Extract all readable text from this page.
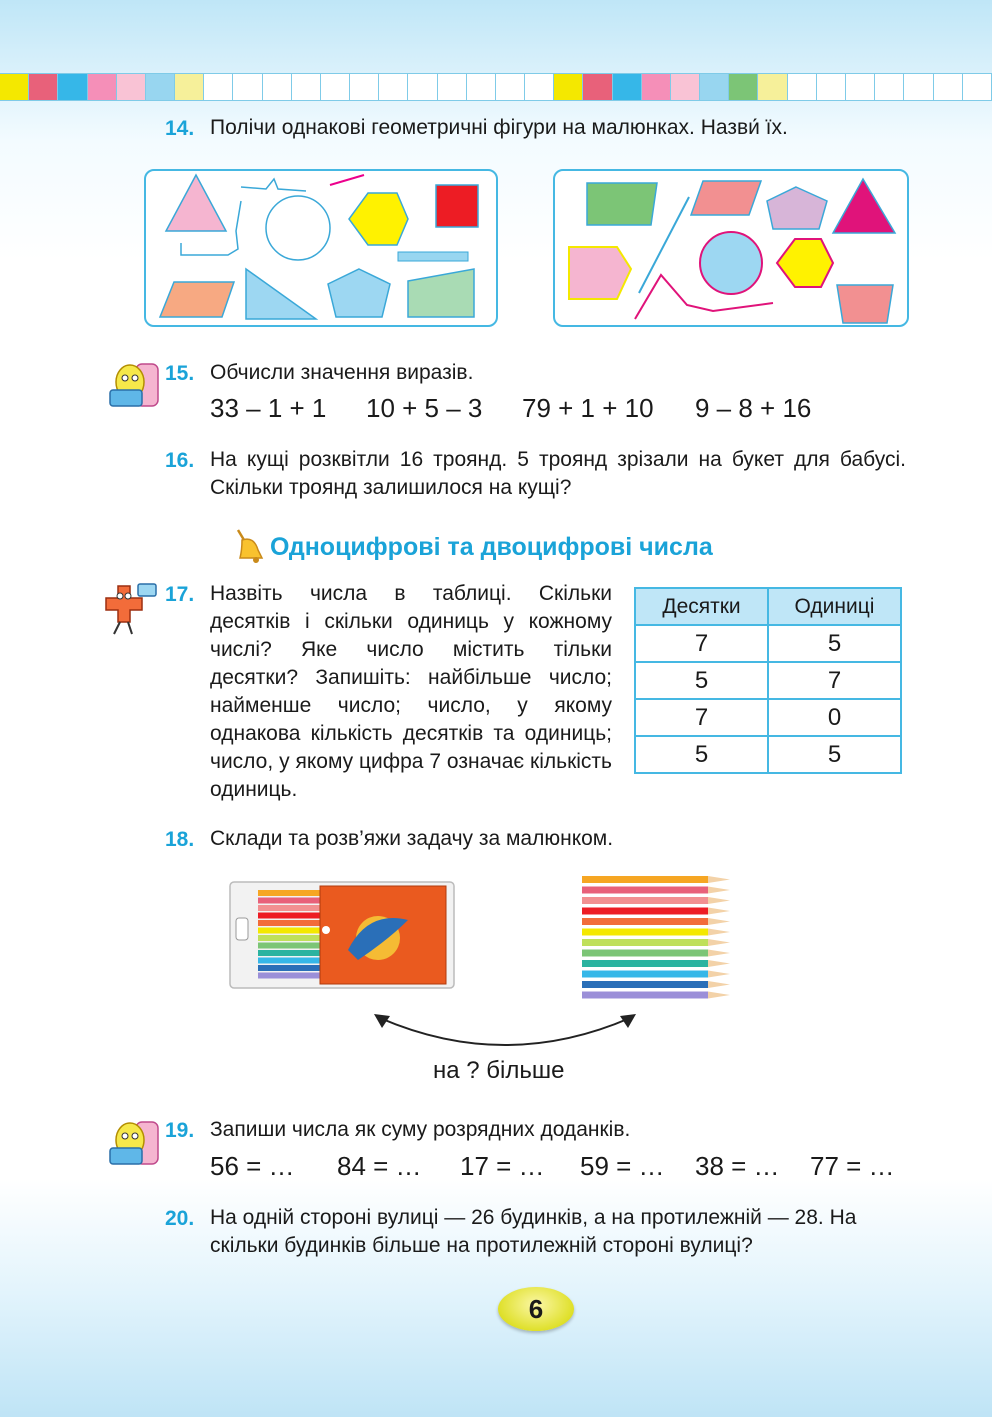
14. Полічи однакові геометричні фігури на малюнках. Назви́ їх.
15. Обчисли значення виразів.
33 – 1 + 1 10 + 5 – 3 79 + 1 + 10 9 – 8 + 16
16. На кущі розквітли 16 троянд. 5 троянд зрізали на букет для бабусі. Скільки троянд залишилося на кущі?
Одноцифрові та двоцифрові числа
17. Назвіть числа в таблиці. Скільки десятків і скільки одиниць у кожному числі? Яке число містить тільки десятки? Запишіть: найбільше число; найменше число; число, у якому однакова кількість десятків та одиниць; число, у якому цифра 7 означає кількість одиниць.
Десятки	Одиниці
7	5
5	7
7	0
5	5
18. Склади та розв’яжи задачу за малюнком.
на ? більше
19. Запиши числа як суму розрядних доданків.
56 = … 84 = … 17 = … 59 = … 38 = … 77 = …
20. На одній стороні вулиці — 26 будинків, а на протилежній — 28. На скільки будинків більше на протилежній стороні вулиці?
6
